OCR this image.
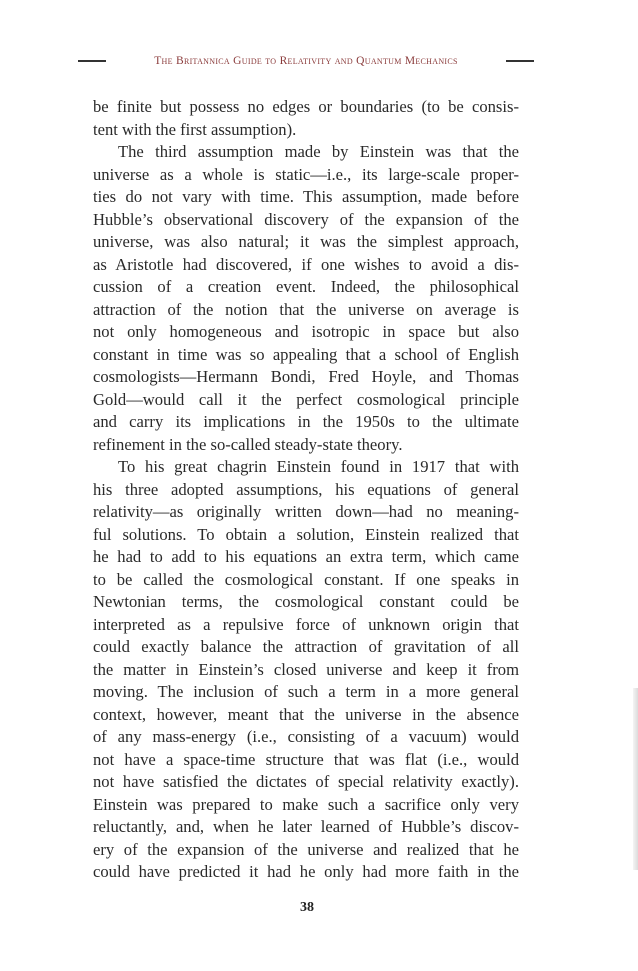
The Britannica Guide to Relativity and Quantum Mechanics
be finite but possess no edges or boundaries (to be consis-
tent with the first assumption).
The third assumption made by Einstein was that the
universe as a whole is static—i.e., its large-scale proper-
ties do not vary with time. This assumption, made before
Hubble’s observational discovery of the expansion of the
universe, was also natural; it was the simplest approach,
as Aristotle had discovered, if one wishes to avoid a dis-
cussion of a creation event. Indeed, the philosophical
attraction of the notion that the universe on average is
not only homogeneous and isotropic in space but also
constant in time was so appealing that a school of English
cosmologists—Hermann Bondi, Fred Hoyle, and Thomas
Gold—would call it the perfect cosmological principle
and carry its implications in the 1950s to the ultimate
refinement in the so-called steady-state theory.
To his great chagrin Einstein found in 1917 that with
his three adopted assumptions, his equations of general
relativity—as originally written down—had no meaning-
ful solutions. To obtain a solution, Einstein realized that
he had to add to his equations an extra term, which came
to be called the cosmological constant. If one speaks in
Newtonian terms, the cosmological constant could be
interpreted as a repulsive force of unknown origin that
could exactly balance the attraction of gravitation of all
the matter in Einstein’s closed universe and keep it from
moving. The inclusion of such a term in a more general
context, however, meant that the universe in the absence
of any mass-energy (i.e., consisting of a vacuum) would
not have a space-time structure that was flat (i.e., would
not have satisfied the dictates of special relativity exactly).
Einstein was prepared to make such a sacrifice only very
reluctantly, and, when he later learned of Hubble’s discov-
ery of the expansion of the universe and realized that he
could have predicted it had he only had more faith in the
38
